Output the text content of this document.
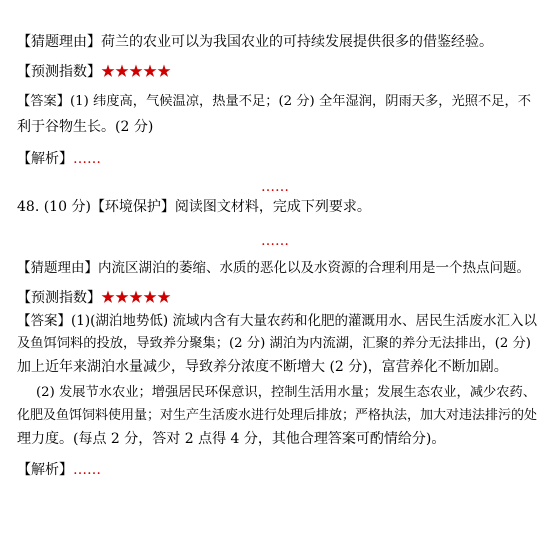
【猜题理由】荷兰的农业可以为我国农业的可持续发展提供很多的借鉴经验。
【预测指数】★★★★★
【答案】(1) 纬度高，气候温凉，热量不足；(2 分) 全年湿润，阴雨天多，光照不足，不
利于谷物生长。(2 分)
【解析】……
……
48. (10 分)【环境保护】阅读图文材料，完成下列要求。
……
【猜题理由】内流区湖泊的萎缩、水质的恶化以及水资源的合理利用是一个热点问题。
【预测指数】★★★★★
【答案】(1)(湖泊地势低) 流域内含有大量农药和化肥的灌溉用水、居民生活废水汇入以
及鱼饵饲料的投放，导致养分聚集；(2 分) 湖泊为内流湖，汇聚的养分无法排出，(2 分)
加上近年来湖泊水量减少，导致养分浓度不断增大 (2 分)，富营养化不断加剧。
(2) 发展节水农业；增强居民环保意识，控制生活用水量；发展生态农业，减少农药、
化肥及鱼饵饲料使用量；对生产生活废水进行处理后排放；严格执法，加大对违法排污的处
理力度。(每点 2 分，答对 2 点得 4 分，其他合理答案可酌情给分)。
【解析】……
